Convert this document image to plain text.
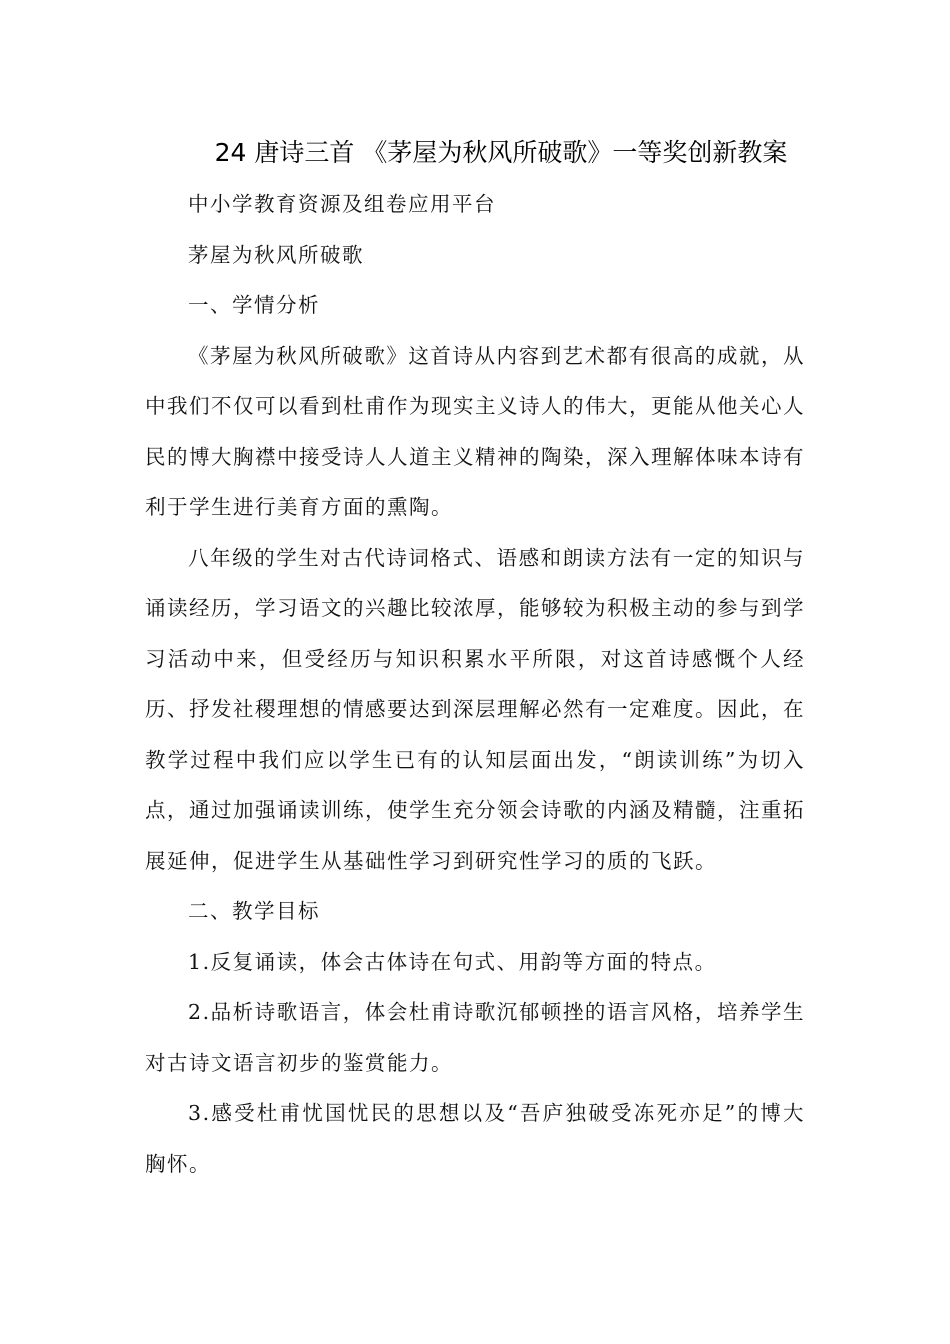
24 唐诗三首 《茅屋为秋风所破歌》一等奖创新教案

中小学教育资源及组卷应用平台

茅屋为秋风所破歌

一、学情分析

《茅屋为秋风所破歌》这首诗从内容到艺术都有很高的成就，从中我们不仅可以看到杜甫作为现实主义诗人的伟大，更能从他关心人民的博大胸襟中接受诗人人道主义精神的陶染，深入理解体味本诗有利于学生进行美育方面的熏陶。

八年级的学生对古代诗词格式、语感和朗读方法有一定的知识与诵读经历，学习语文的兴趣比较浓厚，能够较为积极主动的参与到学习活动中来，但受经历与知识积累水平所限，对这首诗感慨个人经历、抒发社稷理想的情感要达到深层理解必然有一定难度。因此，在教学过程中我们应以学生已有的认知层面出发，“朗读训练”为切入点，通过加强诵读训练，使学生充分领会诗歌的内涵及精髓，注重拓展延伸，促进学生从基础性学习到研究性学习的质的飞跃。

二、教学目标

1.反复诵读，体会古体诗在句式、用韵等方面的特点。

2.品析诗歌语言，体会杜甫诗歌沉郁顿挫的语言风格，培养学生对古诗文语言初步的鉴赏能力。

3.感受杜甫忧国忧民的思想以及“吾庐独破受冻死亦足”的博大胸怀。
